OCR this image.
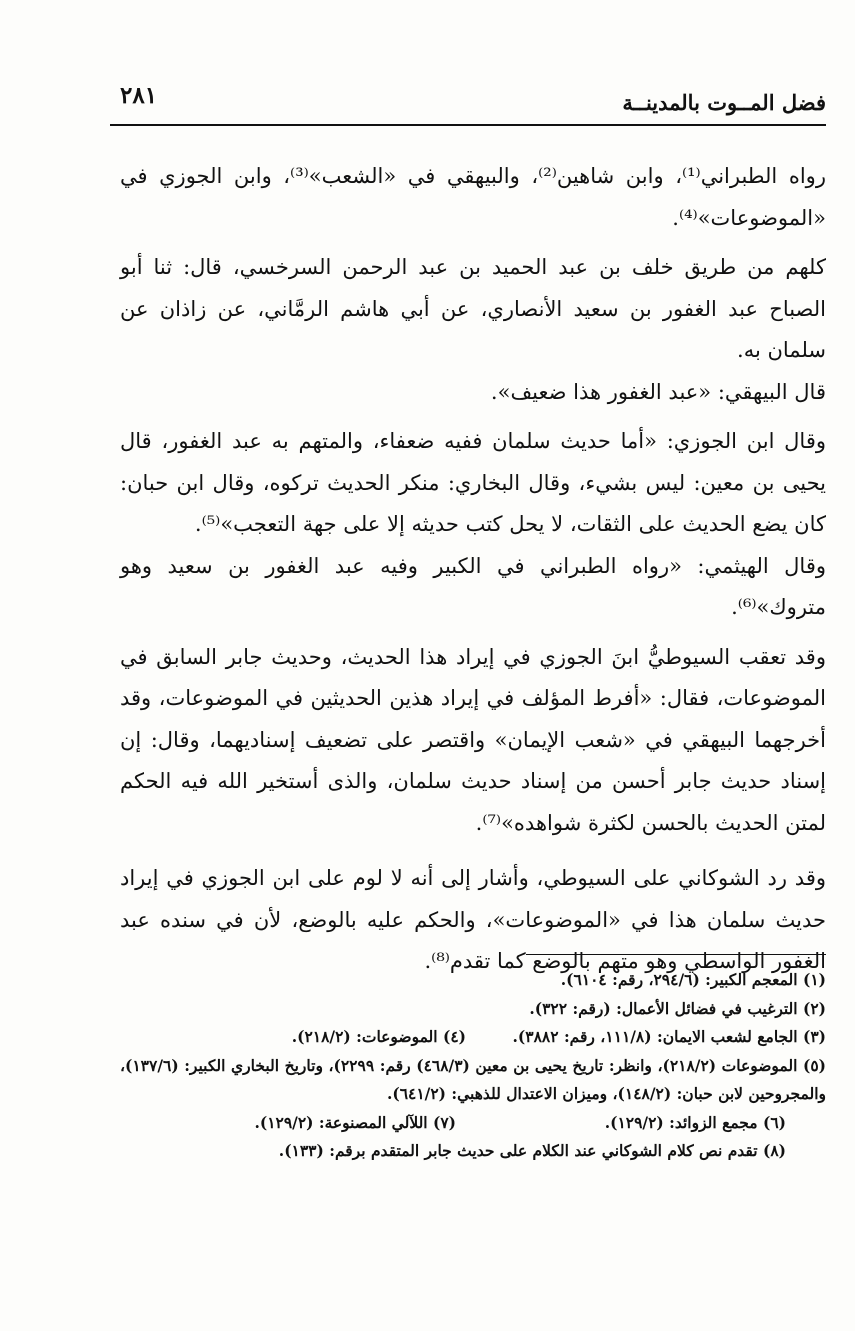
فضل المــوت بالمدينــة
٢٨١

رواه الطبراني⁽¹⁾، وابن شاهين⁽²⁾، والبيهقي في «الشعب»⁽³⁾، وابن الجوزي في «الموضوعات»⁽⁴⁾.

كلهم من طريق خلف بن عبد الحميد بن عبد الرحمن السرخسي، قال: ثنا أبو الصباح عبد الغفور بن سعيد الأنصاري، عن أبي هاشم الرمَّاني، عن زاذان عن سلمان به.

قال البيهقي: «عبد الغفور هذا ضعيف».

وقال ابن الجوزي: «أما حديث سلمان ففيه ضعفاء، والمتهم به عبد الغفور، قال يحيى بن معين: ليس بشيء، وقال البخاري: منكر الحديث تركوه، وقال ابن حبان: كان يضع الحديث على الثقات، لا يحل كتب حديثه إلا على جهة التعجب»⁽⁵⁾.

وقال الهيثمي: «رواه الطبراني في الكبير وفيه عبد الغفور بن سعيد وهو متروك»⁽⁶⁾.

وقد تعقب السيوطيُّ ابنَ الجوزي في إيراد هذا الحديث، وحديث جابر السابق في الموضوعات، فقال: «أفرط المؤلف في إيراد هذين الحديثين في الموضوعات، وقد أخرجهما البيهقي في «شعب الإيمان» واقتصر على تضعيف إسناديهما، وقال: إن إسناد حديث جابر أحسن من إسناد حديث سلمان، والذى أستخير الله فيه الحكم لمتن الحديث بالحسن لكثرة شواهده»⁽⁷⁾.

وقد رد الشوكاني على السيوطي، وأشار إلى أنه لا لوم على ابن الجوزي في إيراد حديث سلمان هذا في «الموضوعات»، والحكم عليه بالوضع، لأن في سنده عبد الغفور الواسطي وهو متهم بالوضع كما تقدم⁽⁸⁾.

(١) المعجم الكبير: (٢٩٤/٦، رقم: ٦١٠٤).

(٢) الترغيب في فضائل الأعمال: (رقم: ٣٢٢).

(٣) الجامع لشعب الايمان: (١١١/٨، رقم: ٣٨٨٢).

(٤) الموضوعات: (٢١٨/٢).

(٥) الموضوعات (٢١٨/٢)، وانظر: تاريخ يحيى بن معين (٤٦٨/٣) رقم: ٢٢٩٩)، وتاريخ البخاري الكبير: (١٣٧/٦)، والمجروحين لابن حبان: (١٤٨/٢)، وميزان الاعتدال للذهبي: (٦٤١/٢).

(٦) مجمع الزوائد: (١٢٩/٢).

(٧) اللآلي المصنوعة: (١٢٩/٢).

(٨) تقدم نص كلام الشوكاني عند الكلام على حديث جابر المتقدم برقم: (١٣٣).
